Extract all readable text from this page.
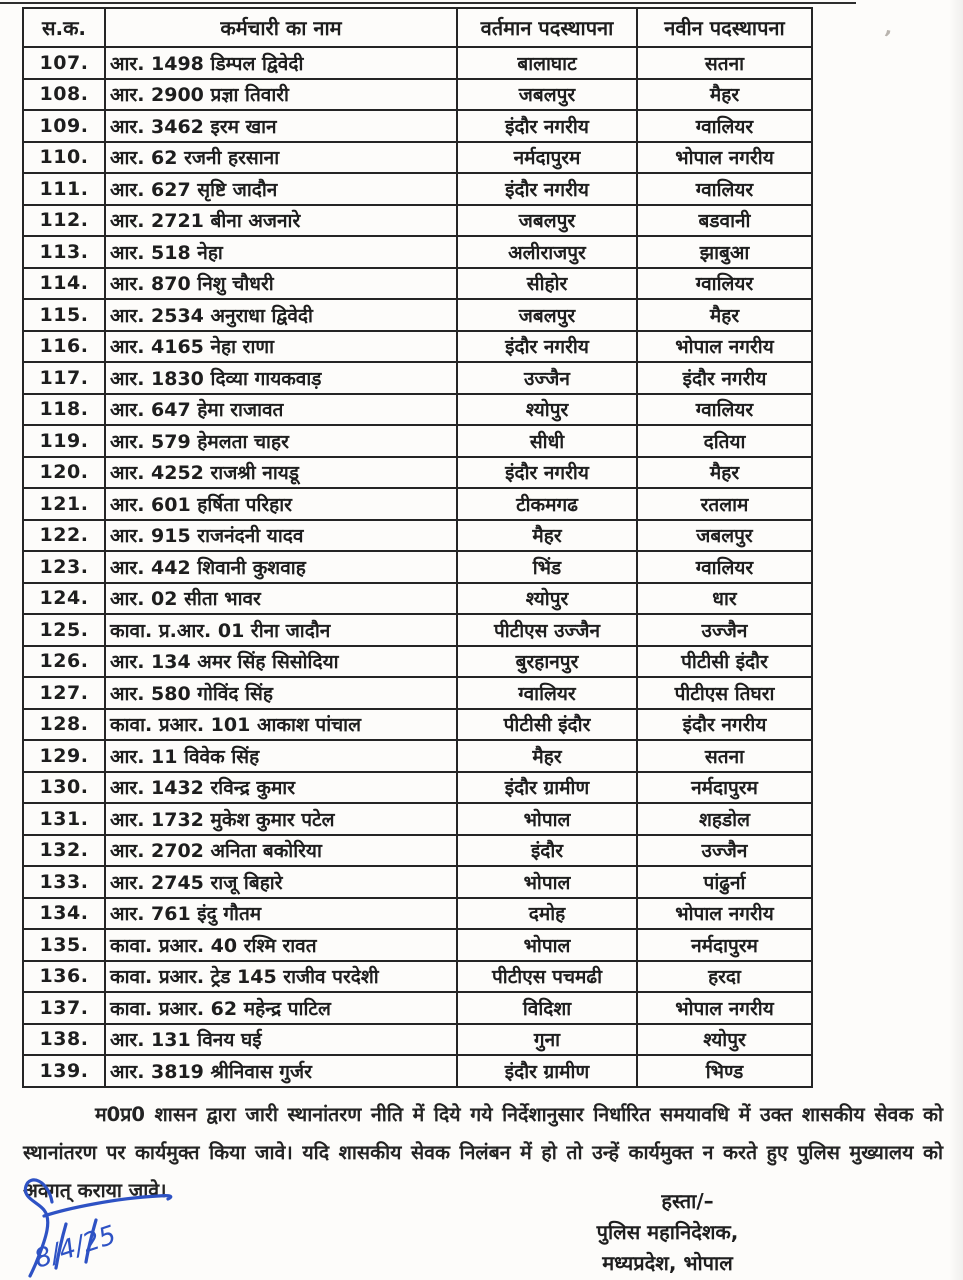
’
स.क.	कर्मचारी का नाम	वर्तमान पदस्थापना	नवीन पदस्थापना
107.	आर. 1498 डिम्पल द्विवेदी	बालाघाट	सतना
108.	आर. 2900 प्रज्ञा तिवारी	जबलपुर	मैहर
109.	आर. 3462 इरम खान	इंदौर नगरीय	ग्वालियर
110.	आर. 62 रजनी हरसाना	नर्मदापुरम	भोपाल नगरीय
111.	आर. 627 सृष्टि जादौन	इंदौर नगरीय	ग्वालियर
112.	आर. 2721 बीना अजनारे	जबलपुर	बडवानी
113.	आर. 518 नेहा	अलीराजपुर	झाबुआ
114.	आर. 870 निशु चौधरी	सीहोर	ग्वालियर
115.	आर. 2534 अनुराधा द्विवेदी	जबलपुर	मैहर
116.	आर. 4165 नेहा राणा	इंदौर नगरीय	भोपाल नगरीय
117.	आर. 1830 दिव्या गायकवाड़	उज्जैन	इंदौर नगरीय
118.	आर. 647 हेमा राजावत	श्योपुर	ग्वालियर
119.	आर. 579 हेमलता चाहर	सीधी	दतिया
120.	आर. 4252 राजश्री नायडू	इंदौर नगरीय	मैहर
121.	आर. 601 हर्षिता परिहार	टीकमगढ	रतलाम
122.	आर. 915 राजनंदनी यादव	मैहर	जबलपुर
123.	आर. 442 शिवानी कुशवाह	भिंड	ग्वालियर
124.	आर. 02 सीता भावर	श्योपुर	धार
125.	कावा. प्र.आर. 01 रीना जादौन	पीटीएस उज्जैन	उज्जैन
126.	आर. 134 अमर सिंह सिसोदिया	बुरहानपुर	पीटीसी इंदौर
127.	आर. 580 गोविंद सिंह	ग्वालियर	पीटीएस तिघरा
128.	कावा. प्रआर. 101 आकाश पांचाल	पीटीसी इंदौर	इंदौर नगरीय
129.	आर. 11 विवेक सिंह	मैहर	सतना
130.	आर. 1432 रविन्द्र कुमार	इंदौर ग्रामीण	नर्मदापुरम
131.	आर. 1732 मुकेश कुमार पटेल	भोपाल	शहडोल
132.	आर. 2702 अनिता बकोरिया	इंदौर	उज्जैन
133.	आर. 2745 राजू बिहारे	भोपाल	पांढुर्ना
134.	आर. 761 इंदु गौतम	दमोह	भोपाल नगरीय
135.	कावा. प्रआर. 40 रश्मि रावत	भोपाल	नर्मदापुरम
136.	कावा. प्रआर. ट्रेड 145 राजीव परदेशी	पीटीएस पचमढी	हरदा
137.	कावा. प्रआर. 62 महेन्द्र पाटिल	विदिशा	भोपाल नगरीय
138.	आर. 131 विनय घई	गुना	श्योपुर
139.	आर. 3819 श्रीनिवास गुर्जर	इंदौर ग्रामीण	भिण्ड

म0प्र0 शासन द्वारा जारी स्थानांतरण नीति में दिये गये निर्देशानुसार निर्धारित समयावधि में उक्त शासकीय सेवक को स्थानांतरण पर कार्यमुक्त किया जावे। यदि शासकीय सेवक निलंबन में हो तो उन्हें कार्यमुक्त न करते हुए पुलिस मुख्यालय को अवगत् कराया जावे।	हस्ता/–
पुलिस महानिदेशक,
मध्यप्रदेश, भोपाल
8/4/25
